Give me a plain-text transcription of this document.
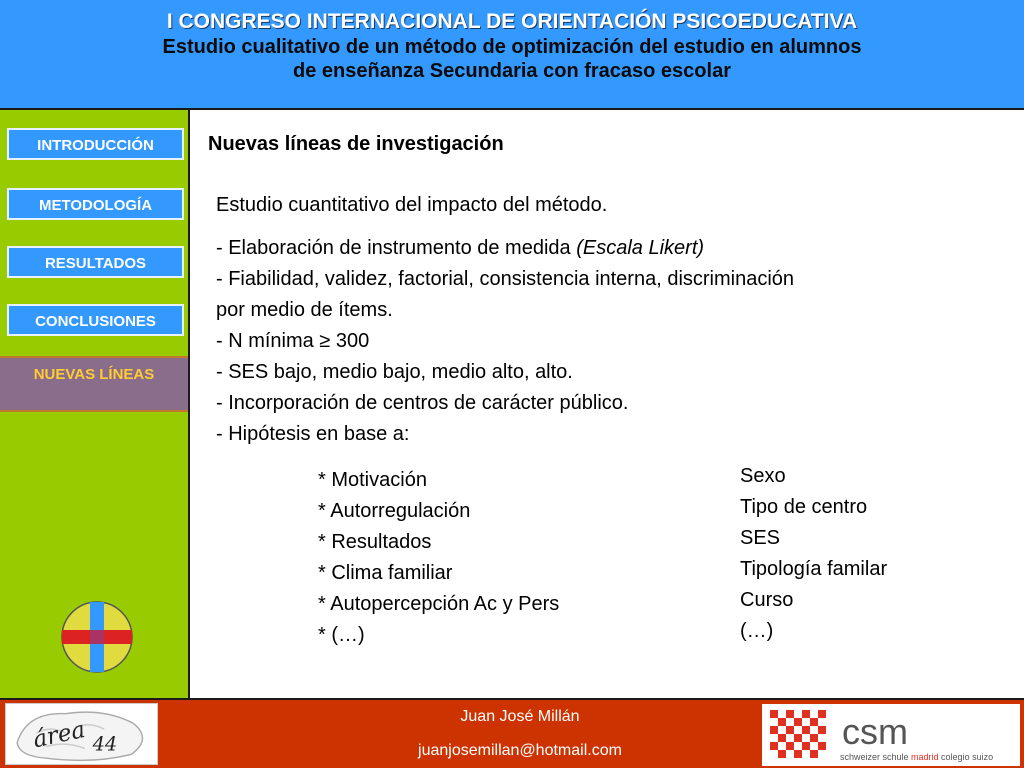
I CONGRESO INTERNACIONAL DE ORIENTACIÓN PSICOEDUCATIVA
Estudio cualitativo de un método de optimización del estudio en alumnos
de enseñanza Secundaria con fracaso escolar
INTRODUCCIÓN
METODOLOGÍA
RESULTADOS
CONCLUSIONES
NUEVAS LÍNEAS
Nuevas líneas de investigación
Estudio cuantitativo del impacto del método.
- Elaboración de instrumento de medida (Escala Likert)
- Fiabilidad, validez, factorial, consistencia interna, discriminación
por medio de ítems.
- N mínima ≥ 300
- SES bajo, medio bajo, medio alto, alto.
- Incorporación de centros de carácter público.
- Hipótesis en base a:
* Motivación
* Autorregulación
* Resultados
* Clima familiar
* Autopercepción Ac y Pers
* (…)
Sexo
Tipo de centro
SES
Tipología familar
Curso
(…)
área 44
Juan José Millán
juanjosemillan@hotmail.com	csm
schweizer schule madrid colegio suizo
